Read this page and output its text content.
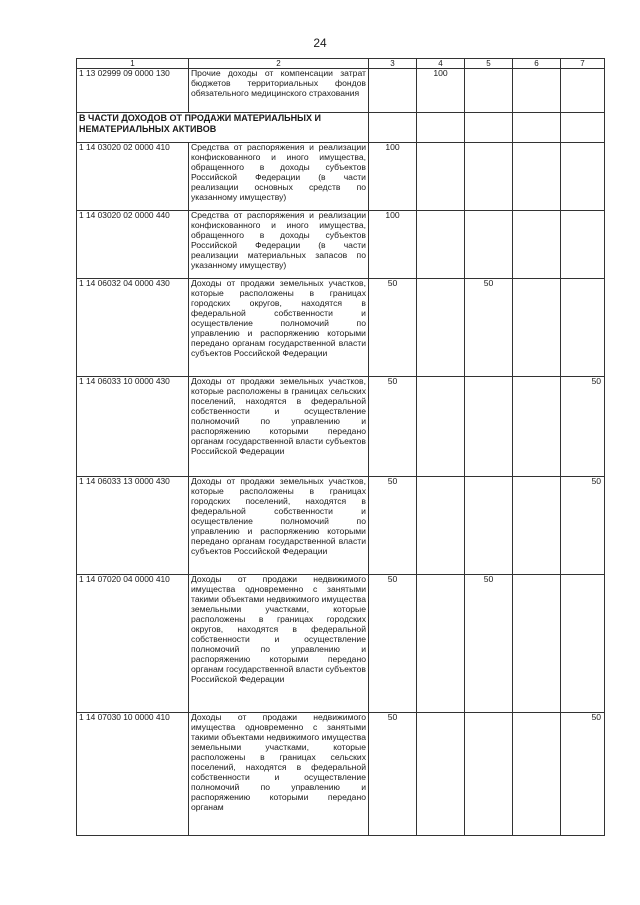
24
1	2	3	4	5	6	7
1 13 02999 09 0000 130	Прочие доходы от компенсации затрат бюджетов территориальных фондов обязательного медицинского страхования		100			
В ЧАСТИ ДОХОДОВ ОТ ПРОДАЖИ МАТЕРИАЛЬНЫХ И НЕМАТЕРИАЛЬНЫХ АКТИВОВ						
1 14 03020 02 0000 410	Средства от распоряжения и реализации конфискованного и иного имущества, обращенного в доходы субъектов Российской Федерации (в части реализации основных средств по указанному имуществу)	100				
1 14 03020 02 0000 440	Средства от распоряжения и реализации конфискованного и иного имущества, обращенного в доходы субъектов Российской Федерации (в части реализации материальных запасов по указанному имуществу)	100				
1 14 06032 04 0000 430	Доходы от продажи земельных участков, которые расположены в границах городских округов, находятся в федеральной собственности и осуществление полномочий по управлению и распоряжению которыми передано органам государственной власти субъектов Российской Федерации	50		50		
1 14 06033 10 0000 430	Доходы от продажи земельных участков, которые расположены в границах сельских поселений, находятся в федеральной собственности и осуществление полномочий по управлению и распоряжению которыми передано органам государственной власти субъектов Российской Федерации	50				50
1 14 06033 13 0000 430	Доходы от продажи земельных участков, которые расположены в границах городских поселений, находятся в федеральной собственности и осуществление полномочий по управлению и распоряжению которыми передано органам государственной власти субъектов Российской Федерации	50				50
1 14 07020 04 0000 410	Доходы от продажи недвижимого имущества одновременно с занятыми такими объектами недвижимого имущества земельными участками, которые расположены в границах городских округов, находятся в федеральной собственности и осуществление полномочий по управлению и распоряжению которыми передано органам государственной власти субъектов Российской Федерации	50		50		
1 14 07030 10 0000 410	Доходы от продажи недвижимого имущества одновременно с занятыми такими объектами недвижимого имущества земельными участками, которые расположены в границах сельских поселений, находятся в федеральной собственности и осуществление полномочий по управлению и распоряжению которыми передано органам	50				50
